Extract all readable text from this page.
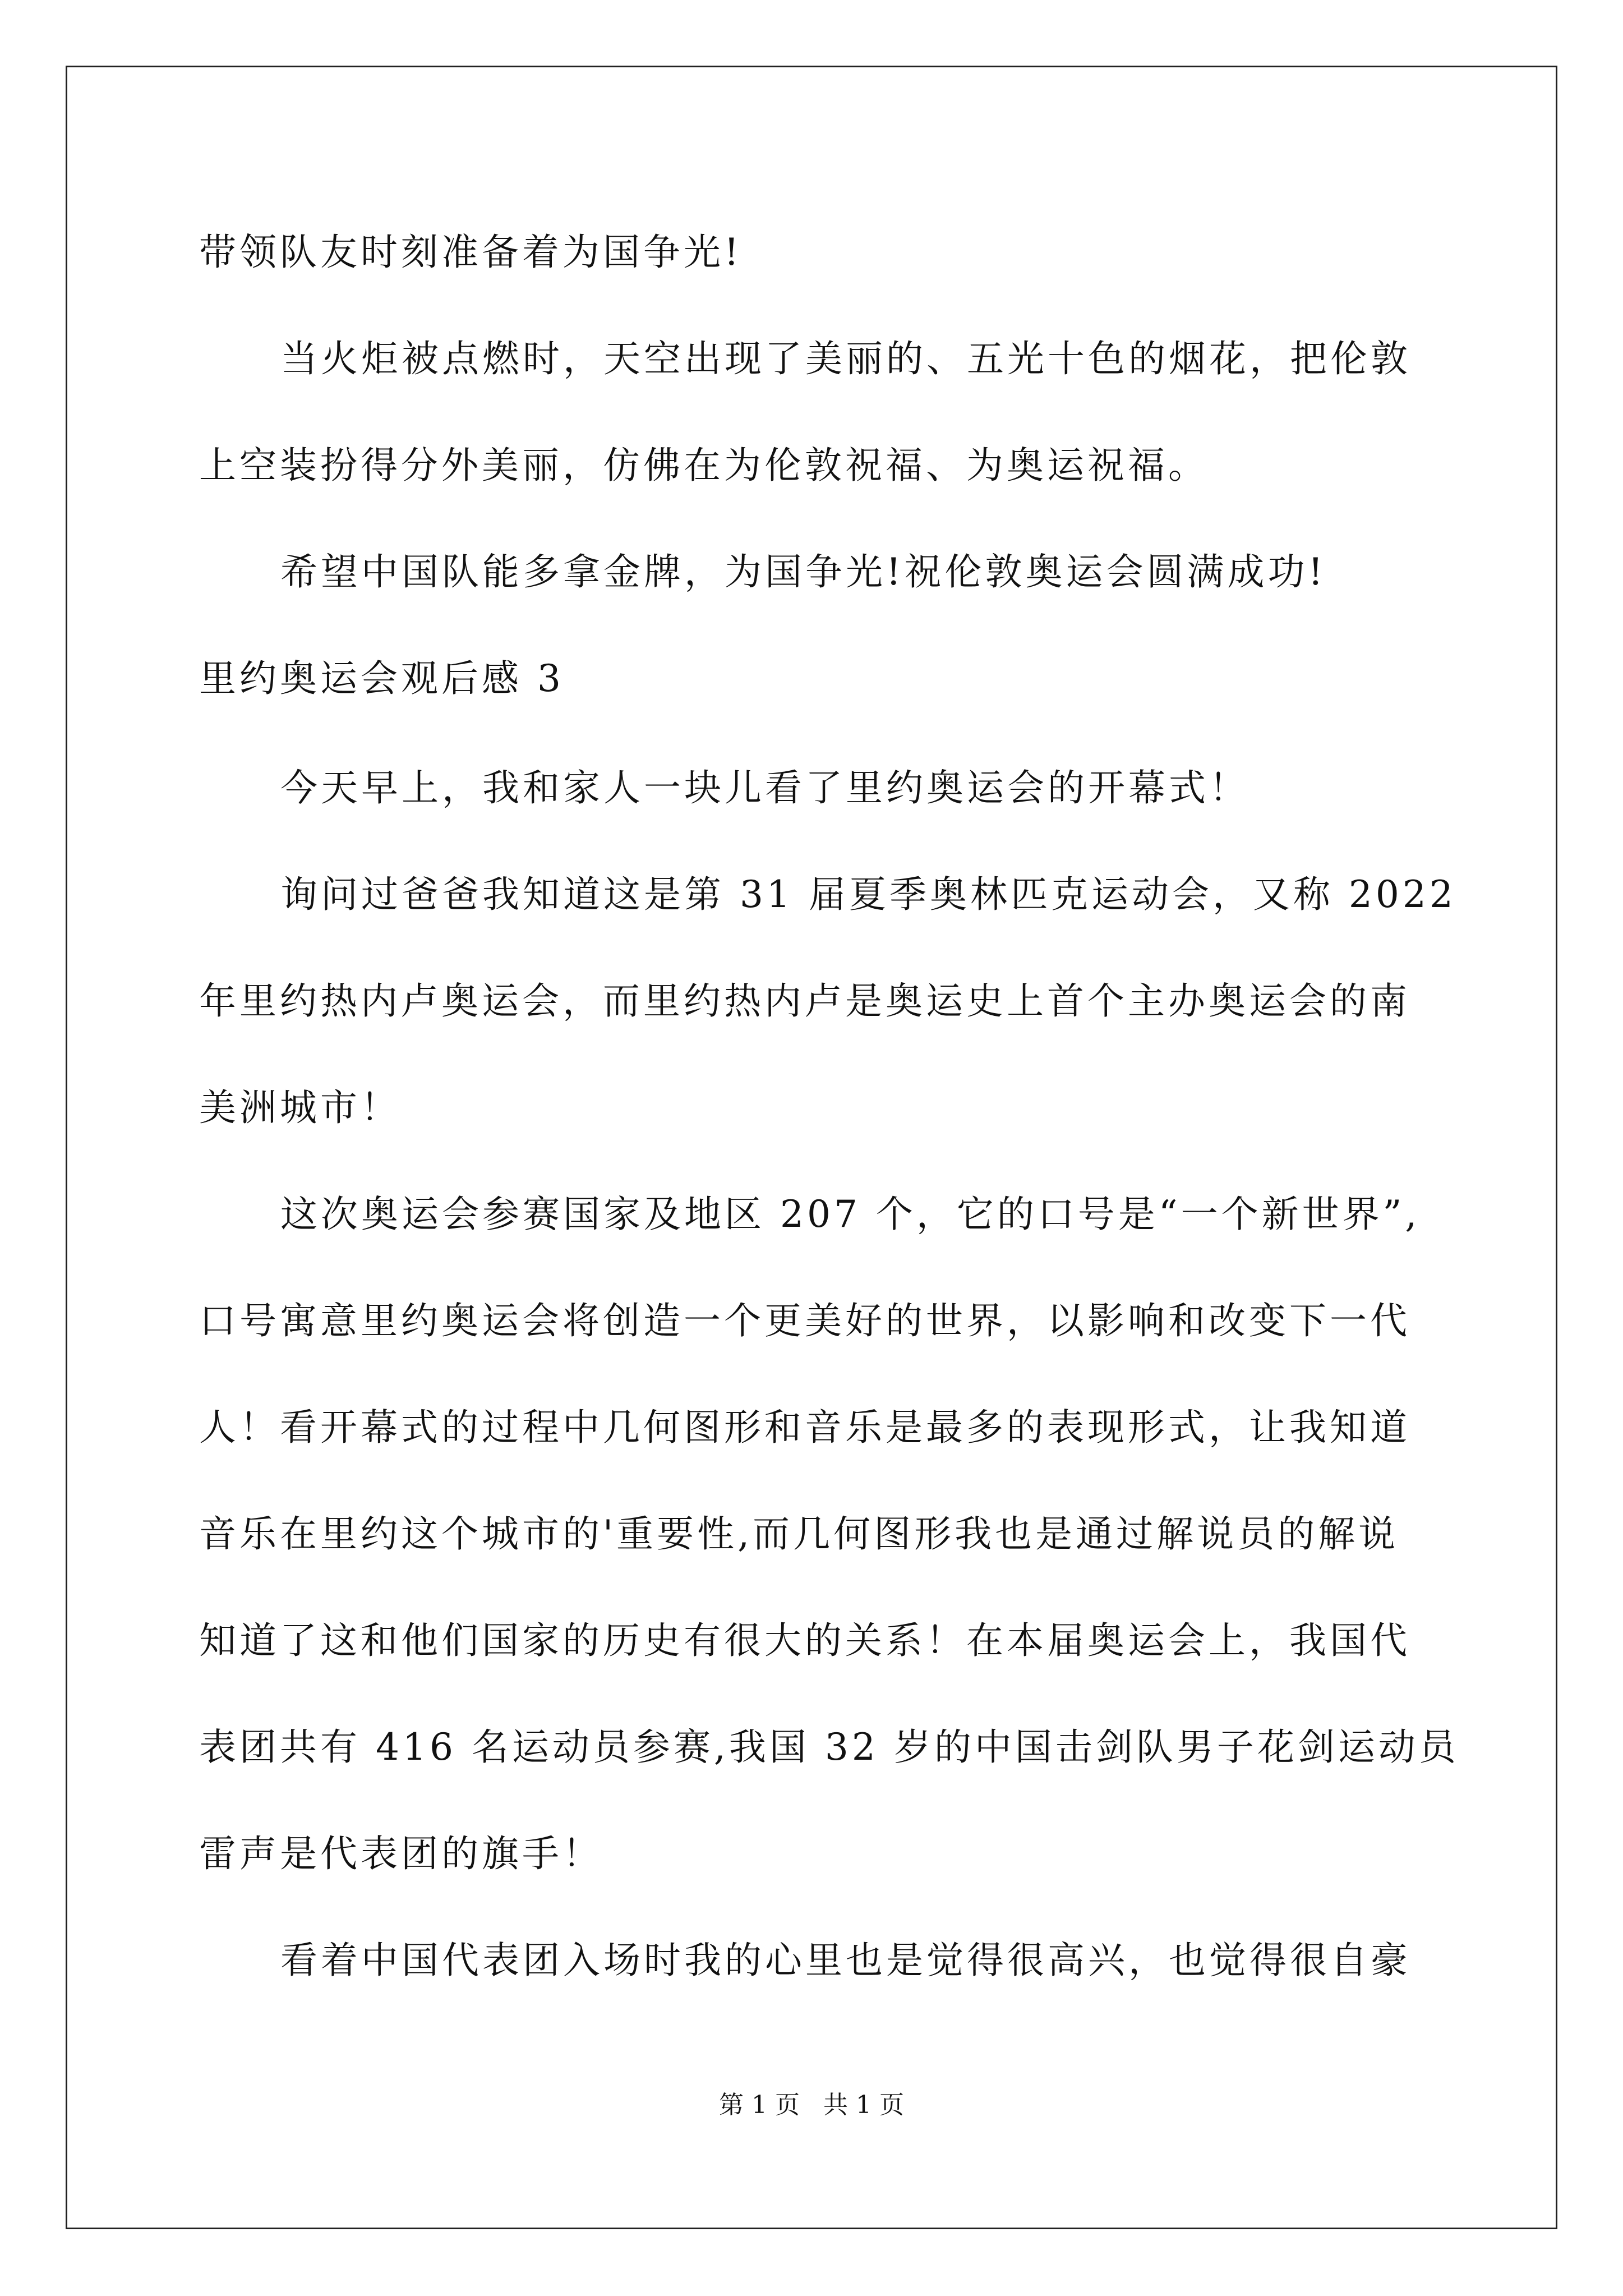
带领队友时刻准备着为国争光!
当火炬被点燃时，天空出现了美丽的、五光十色的烟花，把伦敦
上空装扮得分外美丽，仿佛在为伦敦祝福、为奥运祝福。
希望中国队能多拿金牌，为国争光!祝伦敦奥运会圆满成功!
里约奥运会观后感 3
今天早上，我和家人一块儿看了里约奥运会的开幕式！
询问过爸爸我知道这是第 31 届夏季奥林匹克运动会，又称 2022
年里约热内卢奥运会，而里约热内卢是奥运史上首个主办奥运会的南
美洲城市！
这次奥运会参赛国家及地区 207 个，它的口号是“一个新世界”,
口号寓意里约奥运会将创造一个更美好的世界，以影响和改变下一代
人！看开幕式的过程中几何图形和音乐是最多的表现形式，让我知道
音乐在里约这个城市的'重要性,而几何图形我也是通过解说员的解说
知道了这和他们国家的历史有很大的关系！在本届奥运会上，我国代
表团共有 416 名运动员参赛,我国 32 岁的中国击剑队男子花剑运动员
雷声是代表团的旗手！
看着中国代表团入场时我的心里也是觉得很高兴，也觉得很自豪
第 1 页   共 1 页
